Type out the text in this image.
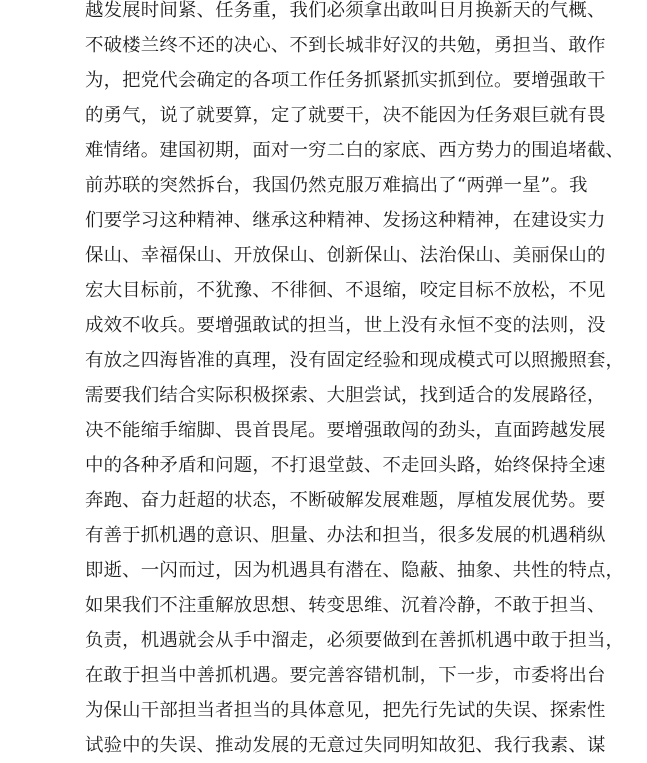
越发展时间紧、任务重，我们必须拿出敢叫日月换新天的气概、
不破楼兰终不还的决心、不到长城非好汉的共勉，勇担当、敢作
为，把党代会确定的各项工作任务抓紧抓实抓到位。要增强敢干
的勇气，说了就要算，定了就要干，决不能因为任务艰巨就有畏
难情绪。建国初期，面对一穷二白的家底、西方势力的围追堵截、
前苏联的突然拆台，我国仍然克服万难搞出了“两弹一星”。我
们要学习这种精神、继承这种精神、发扬这种精神，在建设实力
保山、幸福保山、开放保山、创新保山、法治保山、美丽保山的
宏大目标前，不犹豫、不徘徊、不退缩，咬定目标不放松，不见
成效不收兵。要增强敢试的担当，世上没有永恒不变的法则，没
有放之四海皆准的真理，没有固定经验和现成模式可以照搬照套，
需要我们结合实际积极探索、大胆尝试，找到适合的发展路径，
决不能缩手缩脚、畏首畏尾。要增强敢闯的劲头，直面跨越发展
中的各种矛盾和问题，不打退堂鼓、不走回头路，始终保持全速
奔跑、奋力赶超的状态，不断破解发展难题，厚植发展优势。要
有善于抓机遇的意识、胆量、办法和担当，很多发展的机遇稍纵
即逝、一闪而过，因为机遇具有潜在、隐蔽、抽象、共性的特点，
如果我们不注重解放思想、转变思维、沉着冷静，不敢于担当、
负责，机遇就会从手中溜走，必须要做到在善抓机遇中敢于担当，
在敢于担当中善抓机遇。要完善容错机制，下一步，市委将出台
为保山干部担当者担当的具体意见，把先行先试的失误、探索性
试验中的失误、推动发展的无意过失同明知故犯、我行我素、谋
